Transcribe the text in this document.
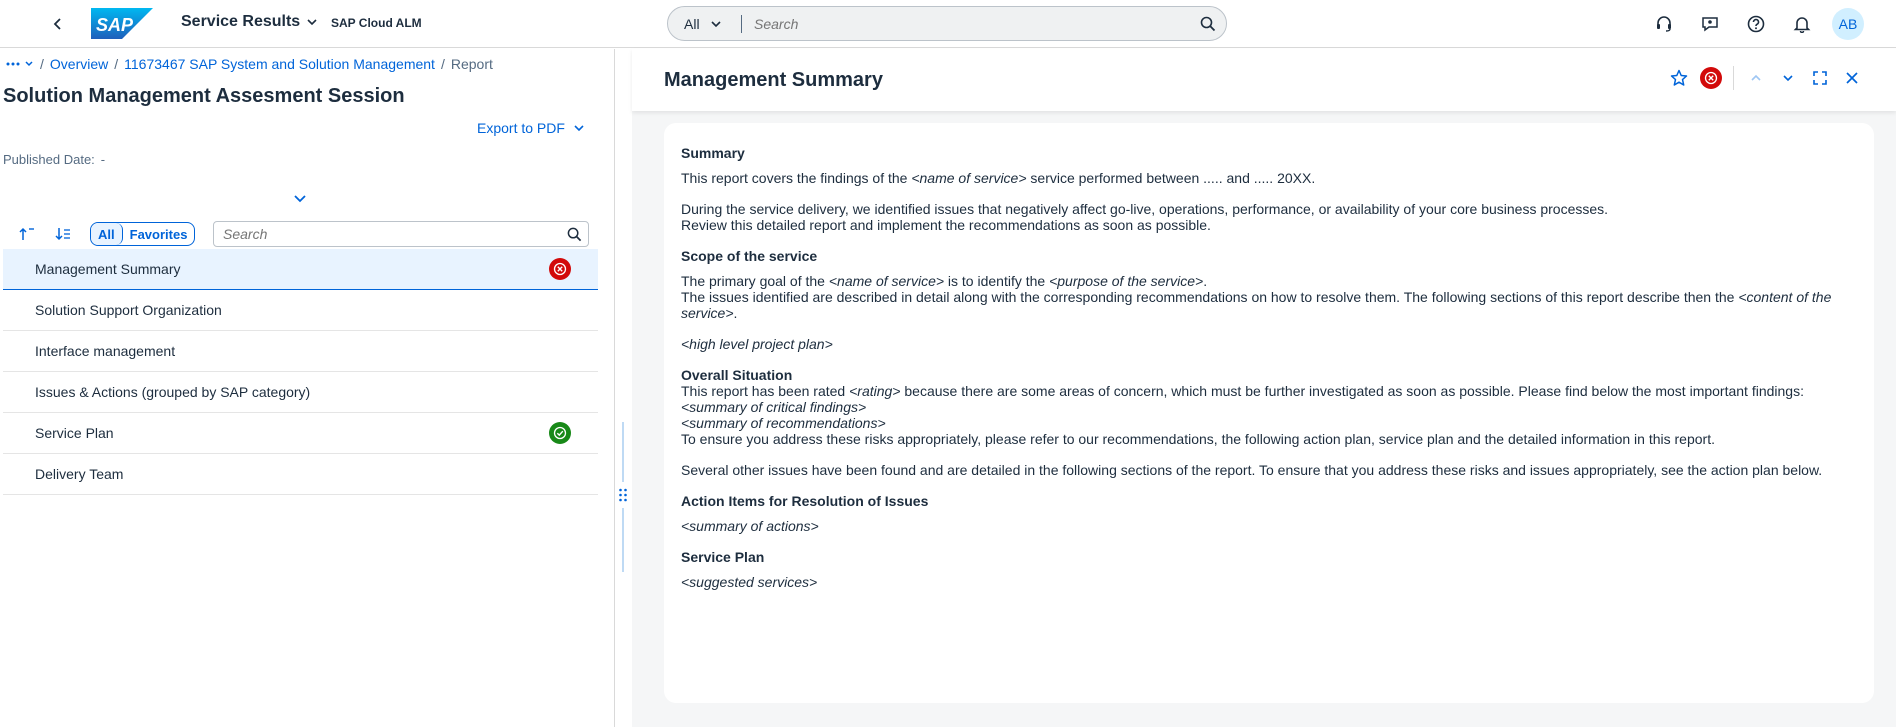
SAP	Service Results	SAP Cloud ALM	All
Search	AB
/ Overview / 11673467 SAP System and Solution Management / Report
Solution Management Assesment Session
Export to PDF
Published Date: -
All	Favorites
Search
Management Summary
Solution Support Organization
Interface management
Issues & Actions (grouped by SAP category)
Service Plan
Delivery Team
Management Summary
Summary

This report covers the findings of the <name of service> service performed between ..... and ..... 20XX.

During the service delivery, we identified issues that negatively affect go-live, operations, performance, or availability of your core business processes.
Review this detailed report and implement the recommendations as soon as possible.

Scope of the service

The primary goal of the <name of service> is to identify the <purpose of the service>.
The issues identified are described in detail along with the corresponding recommendations on how to resolve them. The following sections of this report describe then the <content of the service>.

<high level project plan>

Overall Situation

This report has been rated <rating> because there are some areas of concern, which must be further investigated as soon as possible. Please find below the most important findings:
<summary of critical findings>
<summary of recommendations>
To ensure you address these risks appropriately, please refer to our recommendations, the following action plan, service plan and the detailed information in this report.

Several other issues have been found and are detailed in the following sections of the report. To ensure that you address these risks and issues appropriately, see the action plan below.

Action Items for Resolution of Issues

<summary of actions>

Service Plan

<suggested services>
